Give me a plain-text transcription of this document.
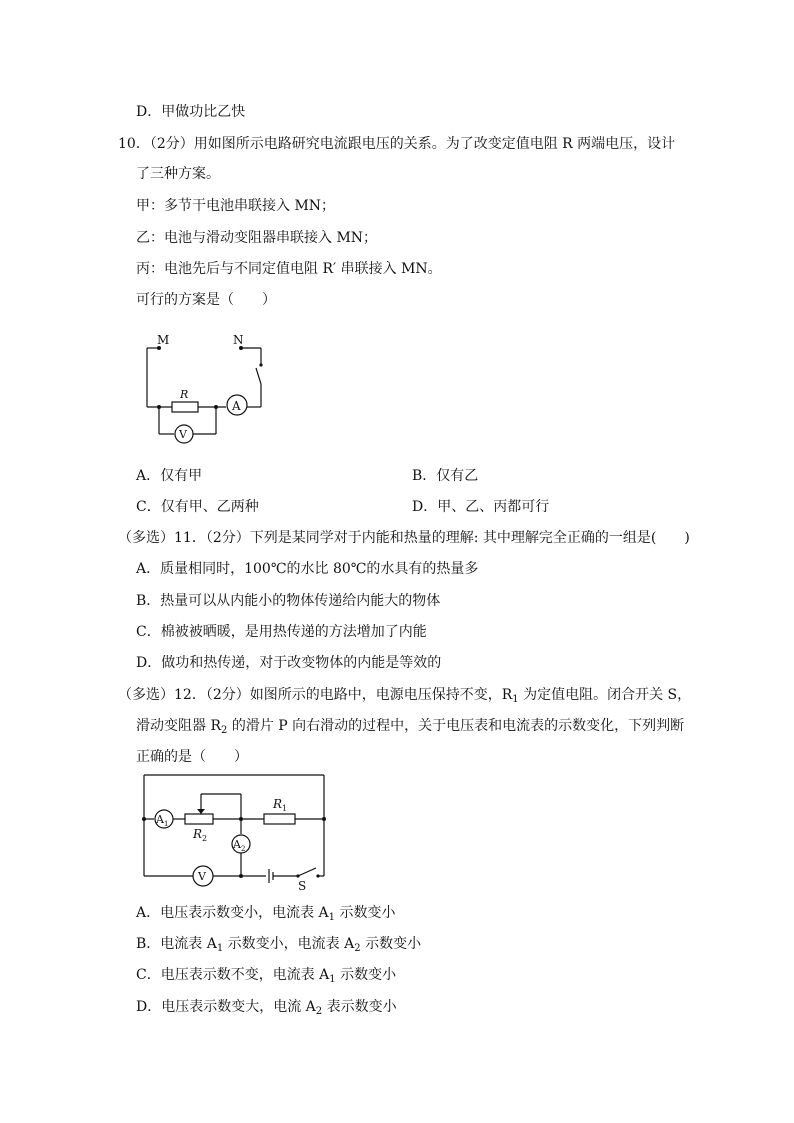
D．甲做功比乙快
10．（2分）用如图所示电路研究电流跟电压的关系。为了改变定值电阻 R 两端电压，设计
了三种方案。
甲：多节干电池串联接入 MN；
乙：电池与滑动变阻器串联接入 MN；
丙：电池先后与不同定值电阻 R′ 串联接入 MN。
可行的方案是（　　）
M	N
R
A
V
A．仅有甲	B．仅有乙
C．仅有甲、乙两种	D．甲、乙、丙都可行
（多选）11．（2分）下列是某同学对于内能和热量的理解: 其中理解完全正确的一组是(　　)
A．质量相同时，100℃的水比 80℃的水具有的热量多
B．热量可以从内能小的物体传递给内能大的物体
C．棉被被晒暖，是用热传递的方法增加了内能
D．做功和热传递，对于改变物体的内能是等效的
（多选）12．（2分）如图所示的电路中，电源电压保持不变，$R_1$ 为定值电阻。闭合开关 S，
滑动变阻器 $R_2$ 的滑片 P 向右滑动的过程中，关于电压表和电流表的示数变化，下列判断
正确的是（　　）
$A_1$
$R_2$
$R_1$
$A_2$
V
S
A．电压表示数变小，电流表 $A_1$ 示数变小
B．电流表 $A_1$ 示数变小，电流表 $A_2$ 示数变小
C．电压表示数不变，电流表 $A_1$ 示数变小
D．电压表示数变大，电流 $A_2$ 表示数变小
